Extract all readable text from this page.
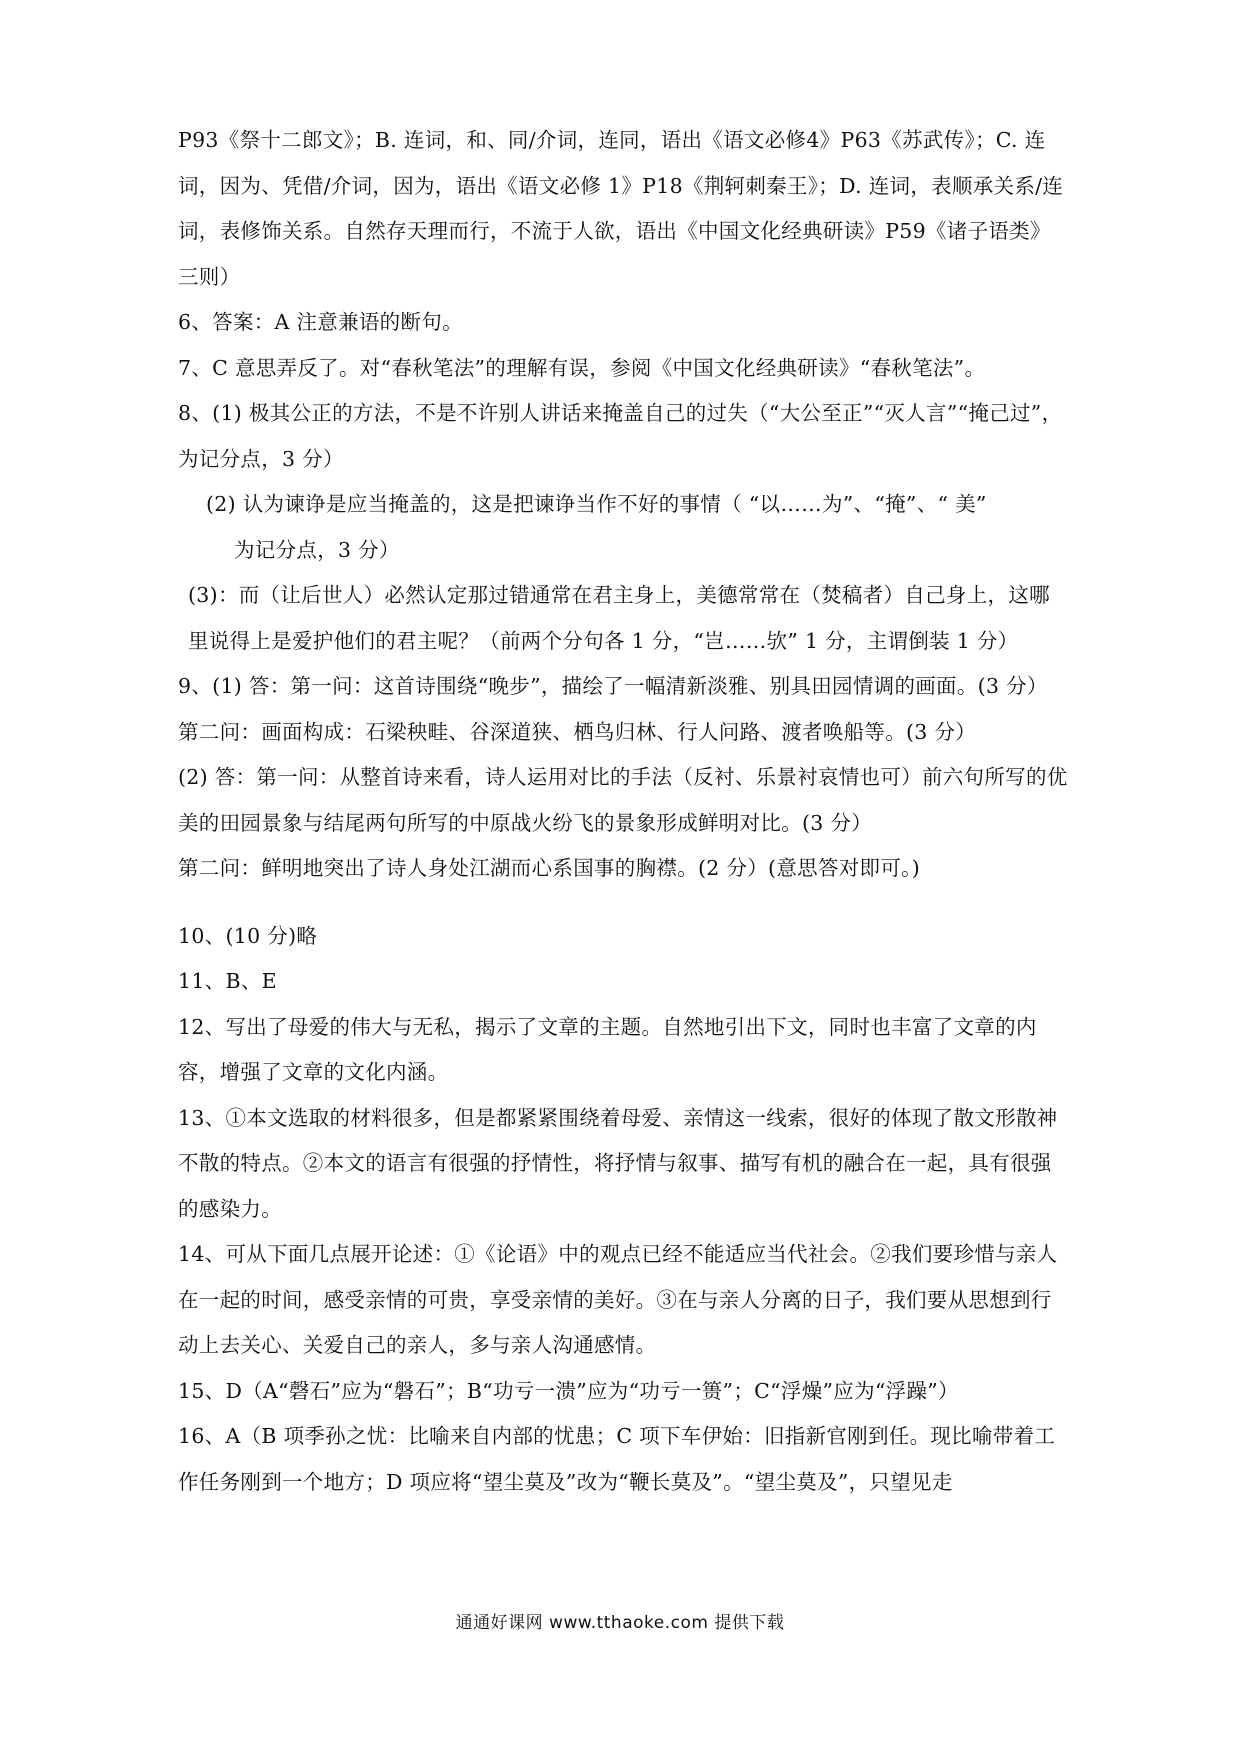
P93《祭十二郎文》；B. 连词，和、同/介词，连同，语出《语文必修4》P63《苏武传》；C. 连词，因为、凭借/介词，因为，语出《语文必修 1》P18《荆轲刺秦王》；D. 连词，表顺承关系/连词，表修饰关系。自然存天理而行，不流于人欲，语出《中国文化经典研读》P59《诸子语类》三则）

6、答案：A 注意兼语的断句。

7、C 意思弄反了。对“春秋笔法”的理解有误，参阅《中国文化经典研读》“春秋笔法”。

8、(1) 极其公正的方法，不是不许别人讲话来掩盖自己的过失（“大公至正”“灭人言”“掩己过”，为记分点，3 分）

(2) 认为谏诤是应当掩盖的，这是把谏诤当作不好的事情（ “以……为”、“掩”、“ 美”
为记分点，3 分）

(3)：而（让后世人）必然认定那过错通常在君主身上，美德常常在（焚稿者）自己身上，这哪里说得上是爱护他们的君主呢？（前两个分句各 1 分，“岂……欤” 1 分，主谓倒装 1 分）

9、(1) 答：第一问：这首诗围绕“晚步”，描绘了一幅清新淡雅、别具田园情调的画面。(3 分）第二问：画面构成：石梁秧畦、谷深道狭、栖鸟归林、行人问路、渡者唤船等。(3 分）

(2) 答：第一问：从整首诗来看，诗人运用对比的手法（反衬、乐景衬哀情也可）前六句所写的优美的田园景象与结尾两句所写的中原战火纷飞的景象形成鲜明对比。(3 分）

第二问：鲜明地突出了诗人身处江湖而心系国事的胸襟。(2 分）(意思答对即可。)

10、(10 分)略

11、B、E

12、写出了母爱的伟大与无私，揭示了文章的主题。自然地引出下文，同时也丰富了文章的内容，增强了文章的文化内涵。

13、①本文选取的材料很多，但是都紧紧围绕着母爱、亲情这一线索，很好的体现了散文形散神不散的特点。②本文的语言有很强的抒情性，将抒情与叙事、描写有机的融合在一起，具有很强的感染力。

14、可从下面几点展开论述：①《论语》中的观点已经不能适应当代社会。②我们要珍惜与亲人在一起的时间，感受亲情的可贵，享受亲情的美好。③在与亲人分离的日子，我们要从思想到行动上去关心、关爱自己的亲人，多与亲人沟通感情。

15、D（A“磬石”应为“磐石”；B“功亏一溃”应为“功亏一篑”；C“浮燥”应为“浮躁”）

16、A（B 项季孙之忧：比喻来自内部的忧患；C 项下车伊始：旧指新官刚到任。现比喻带着工作任务刚到一个地方；D 项应将“望尘莫及”改为“鞭长莫及”。“望尘莫及”，只望见走

通通好课网 www.tthaoke.com 提供下载
